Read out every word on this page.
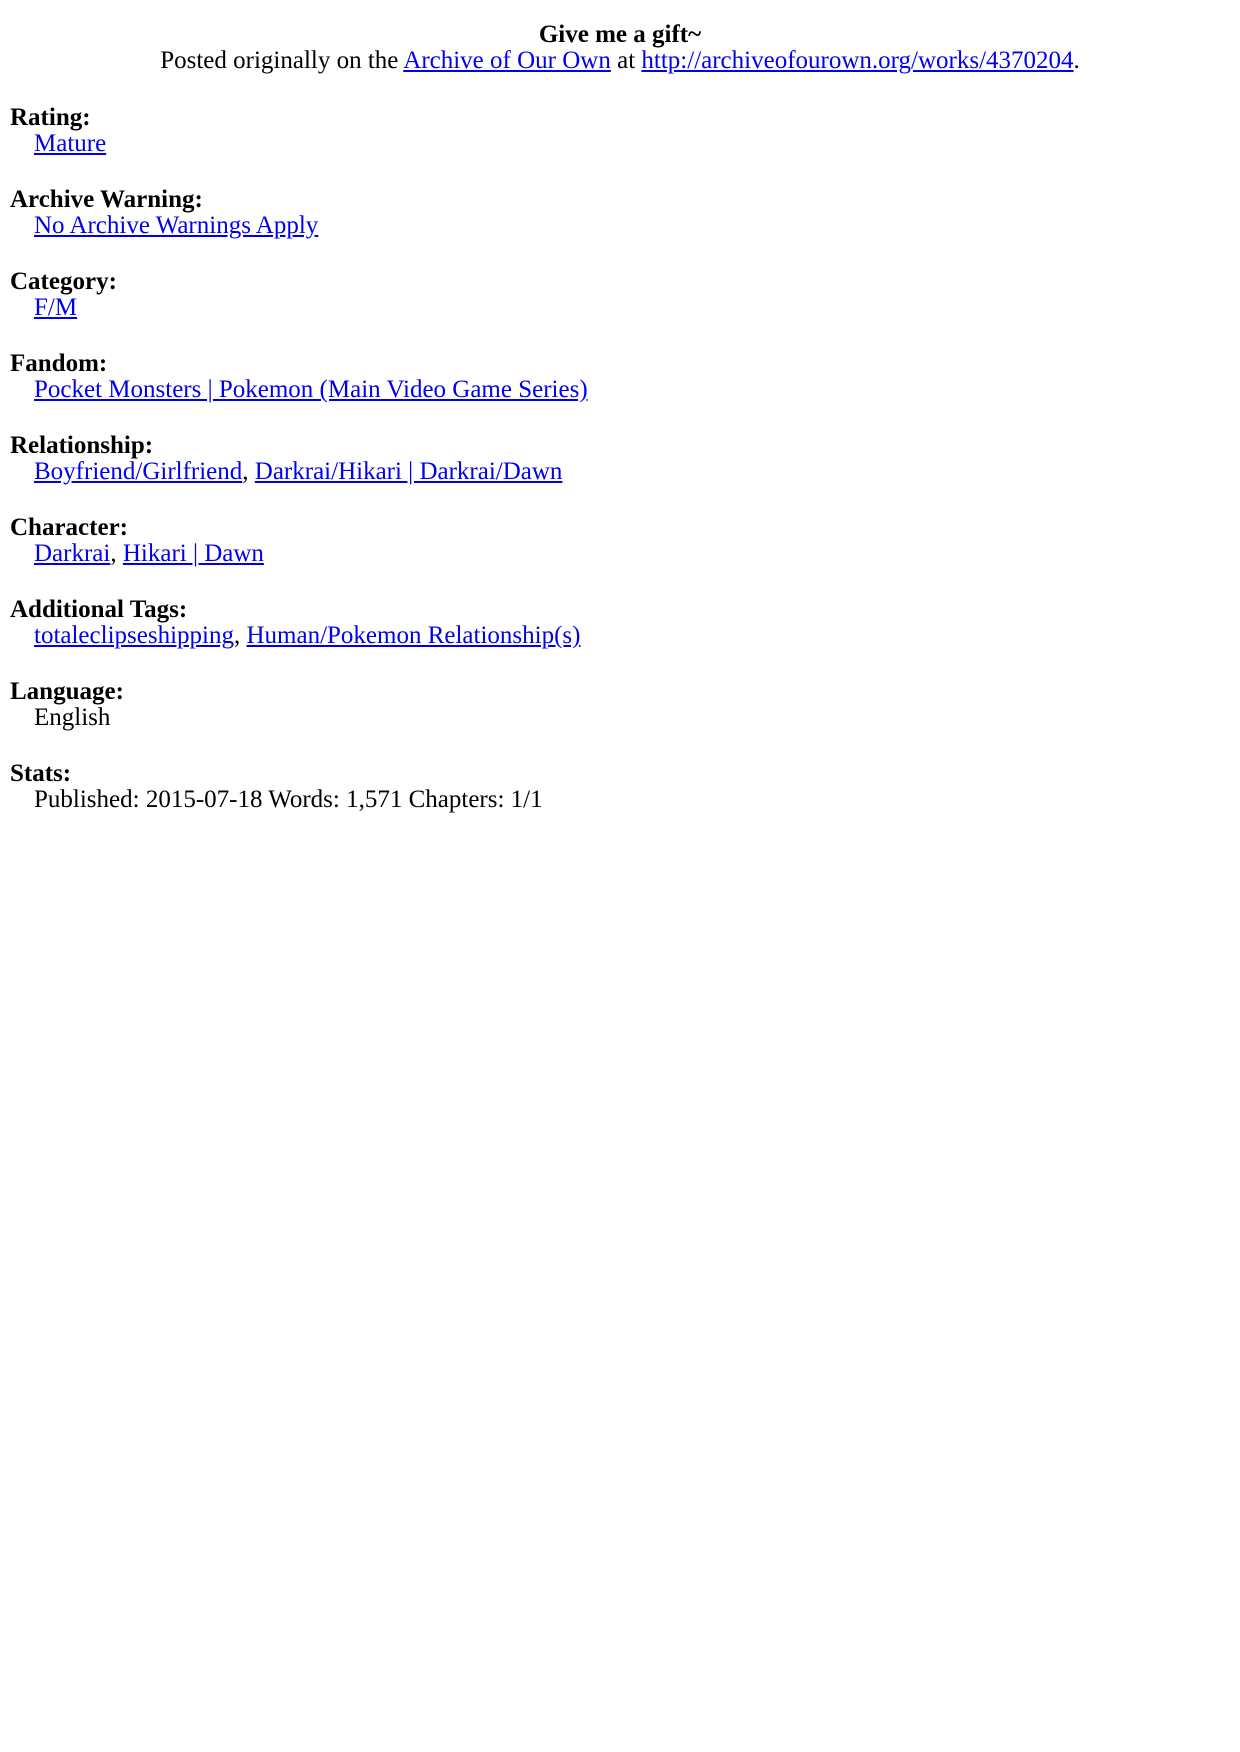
Give me a gift~
Posted originally on the Archive of Our Own at http://archiveofourown.org/works/4370204.
Rating:
Mature
Archive Warning:
No Archive Warnings Apply
Category:
F/M
Fandom:
Pocket Monsters | Pokemon (Main Video Game Series)
Relationship:
Boyfriend/Girlfriend, Darkrai/Hikari | Darkrai/Dawn
Character:
Darkrai, Hikari | Dawn
Additional Tags:
totaleclipseshipping, Human/Pokemon Relationship(s)
Language:
English
Stats:
Published: 2015-07-18 Words: 1,571 Chapters: 1/1
